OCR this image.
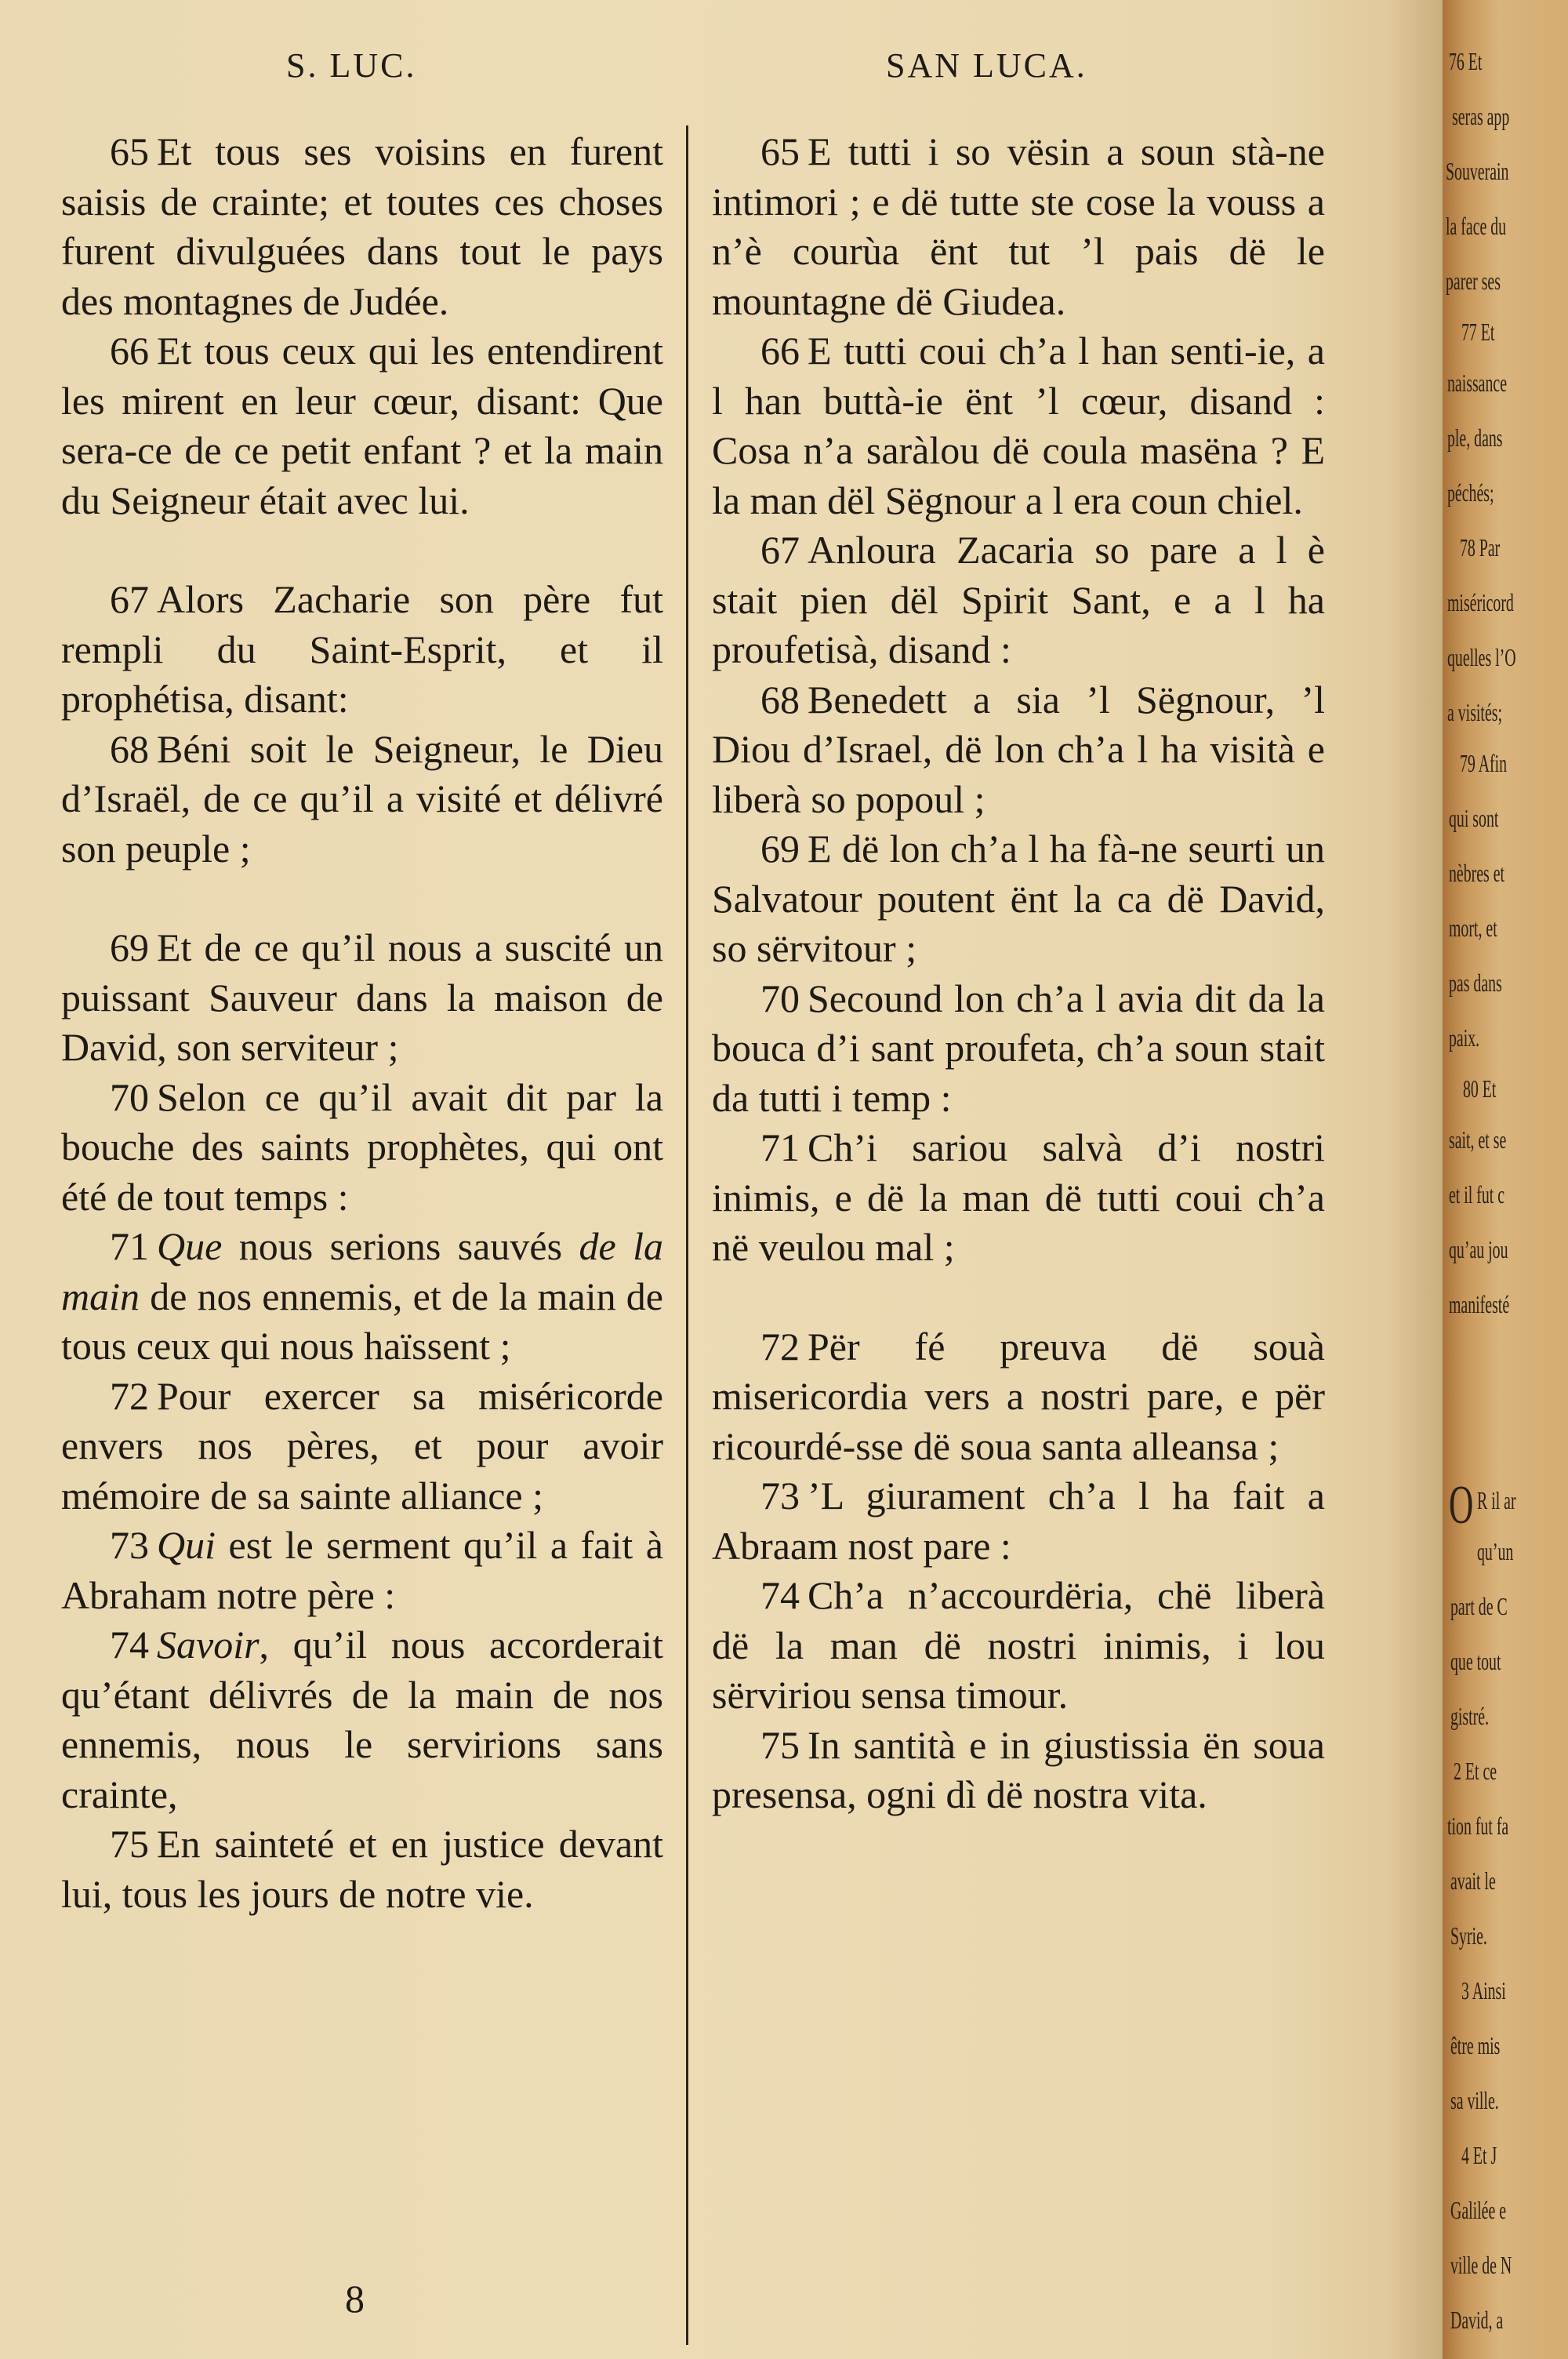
S. LUC.	SAN LUCA.

65 Et tous ses voisins en furent saisis de crainte; et toutes ces choses furent divulguées dans tout le pays des montagnes de Judée.

66 Et tous ceux qui les entendirent les mirent en leur cœur, disant: Que sera-ce de ce petit enfant ? et la main du Seigneur était avec lui.

67 Alors Zacharie son père fut rempli du Saint-Esprit, et il prophétisa, disant:

68 Béni soit le Seigneur, le Dieu d’Israël, de ce qu’il a visité et délivré son peuple ;

69 Et de ce qu’il nous a suscité un puissant Sauveur dans la maison de David, son serviteur ;

70 Selon ce qu’il avait dit par la bouche des saints prophètes, qui ont été de tout temps :

71 Que nous serions sauvés de la main de nos ennemis, et de la main de tous ceux qui nous haïssent ;

72 Pour exercer sa miséricorde envers nos pères, et pour avoir mémoire de sa sainte alliance ;

73 Qui est le serment qu’il a fait à Abraham notre père :

74 Savoir, qu’il nous accorderait qu’étant délivrés de la main de nos ennemis, nous le servirions sans crainte,

75 En sainteté et en justice devant lui, tous les jours de notre vie.

65 E tutti i so vësin a soun stà-ne intimori ; e dë tutte ste cose la vouss a n’è courùa ënt tut ’l pais dë le mountagne dë Giudea.

66 E tutti coui ch’a l han senti-ie, a l han buttà-ie ënt ’l cœur, disand : Cosa n’a saràlou dë coula masëna ? E la man dël Sëgnour a l era coun chiel.

67 Anloura Zacaria so pare a l è stait pien dël Spirit Sant, e a l ha proufetisà, disand :

68 Benedett a sia ’l Sëgnour, ’l Diou d’Israel, dë lon ch’a l ha visità e liberà so popoul ;

69 E dë lon ch’a l ha fà-ne seurti un Salvatour poutent ënt la ca dë David, so sërvitour ;

70 Secound lon ch’a l avia dit da la bouca d’i sant proufeta, ch’a soun stait da tutti i temp :

71 Ch’i sariou salvà d’i nostri inimis, e dë la man dë tutti coui ch’a në veulou mal ;

72 Për fé preuva dë souà misericordia vers a nostri pare, e për ricourdé-sse dë soua santa alleansa ;

73 ’L giurament ch’a l ha fait a Abraam nost pare :

74 Ch’a n’accourdëria, chë liberà dë la man dë nostri inimis, i lou sërviriou sensa timour.

75 In santità e in giustissia ën soua presensa, ogni dì dë nostra vita.

8
76 Et
seras app
Souverain
la face du
parer ses
77 Et
naissance
ple, dans
péchés;
78 Par
miséricord
quelles l’O
a visités;
79 Afin
qui sont
nèbres et
mort, et
pas dans
paix.
80 Et
sait, et se
et il fut c
qu’au jou
manifesté
O R il ar
qu’un
part de C
que tout
gistré.
2 Et ce
tion fut fa
avait le
Syrie.
3 Ainsi
être mis
sa ville.
4 Et J
Galilée e
ville de N
David, a
